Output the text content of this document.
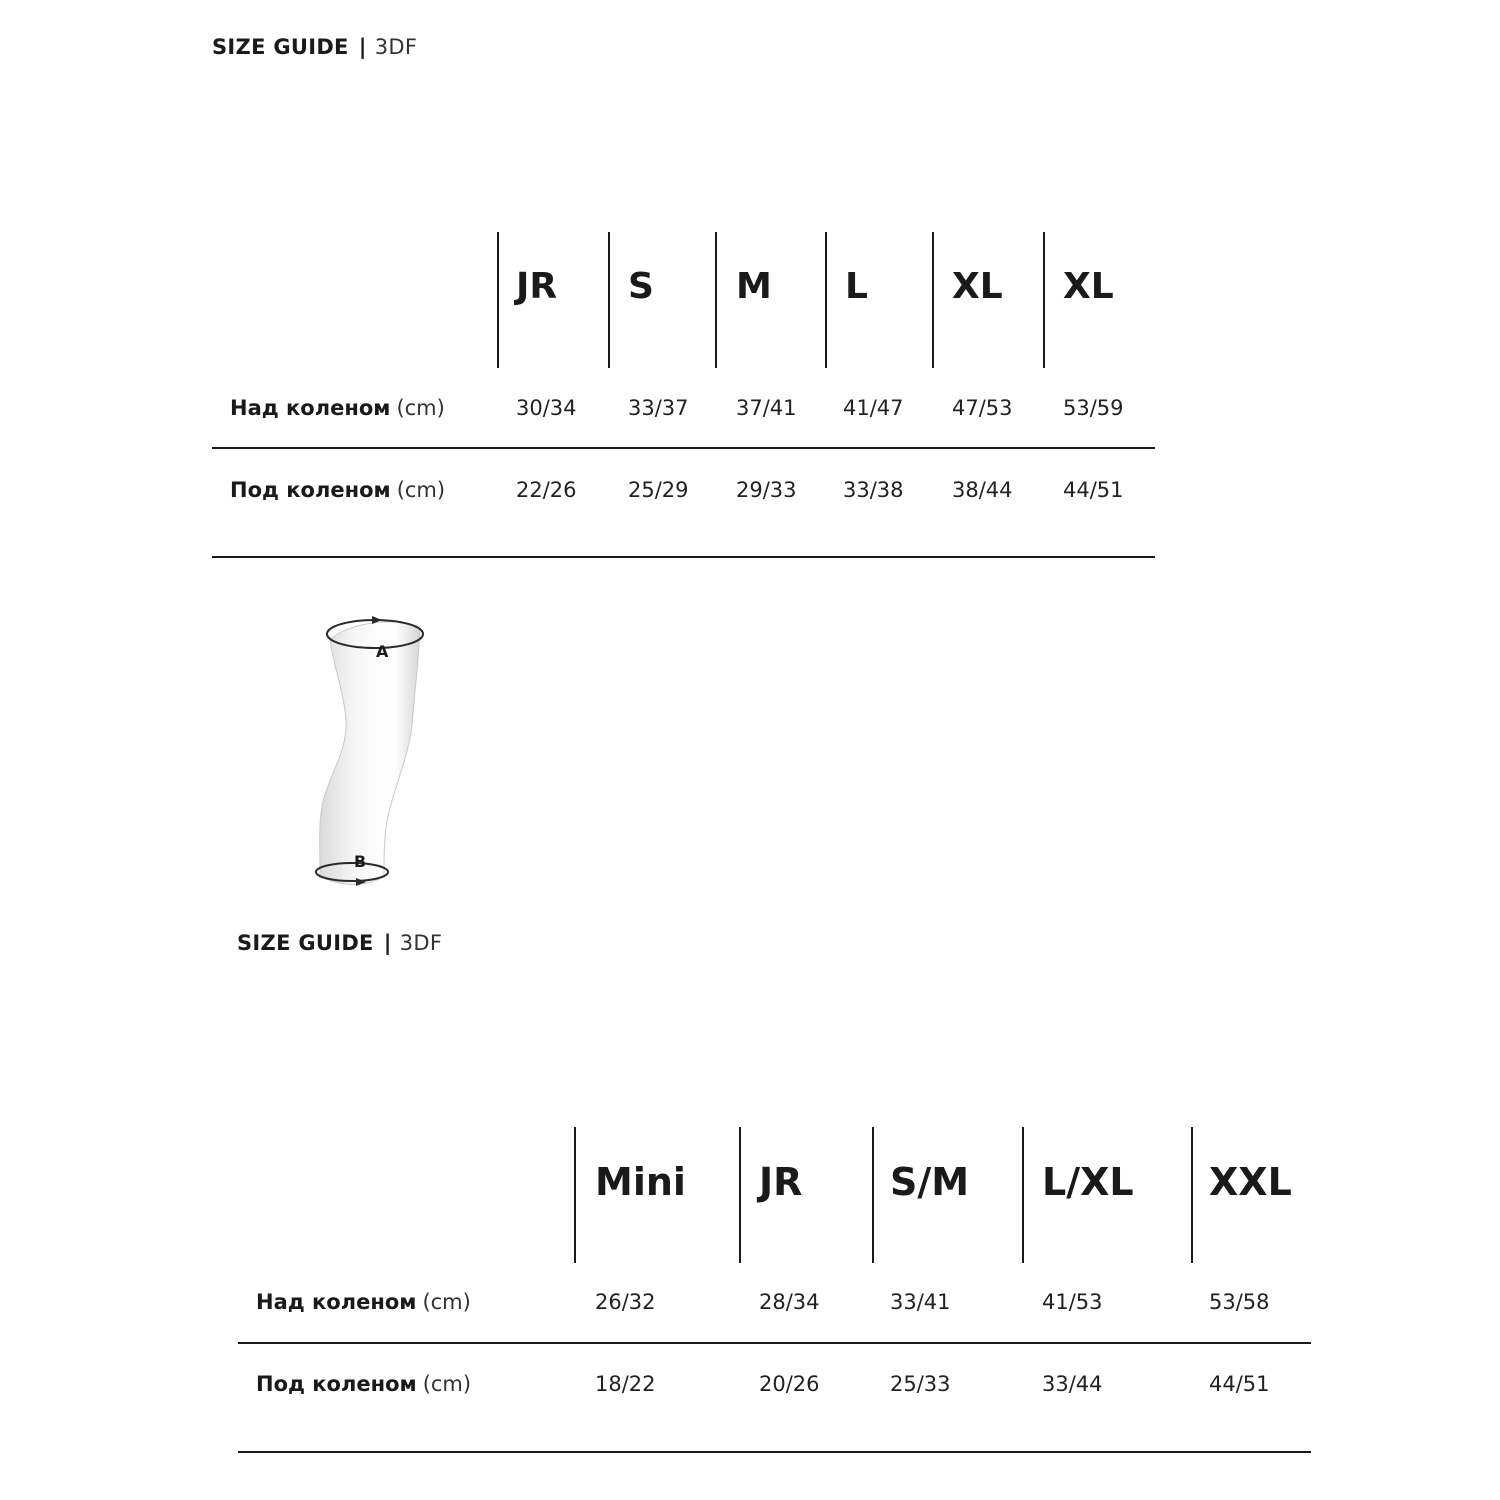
SIZE GUIDE | 3DF
JR S M L XL XL
Над коленом (cm)	30/34 33/37 37/41 41/47 47/53 53/59
Под коленом (cm)	22/26 25/29 29/33 33/38 38/44 44/51
A
B
SIZE GUIDE | 3DF
Mini JR S/M L/XL XXL
Над коленом (cm)	26/32	28/34	33/41	41/53	53/58
Под коленом (cm)	18/22	20/26	25/33	33/44	44/51
